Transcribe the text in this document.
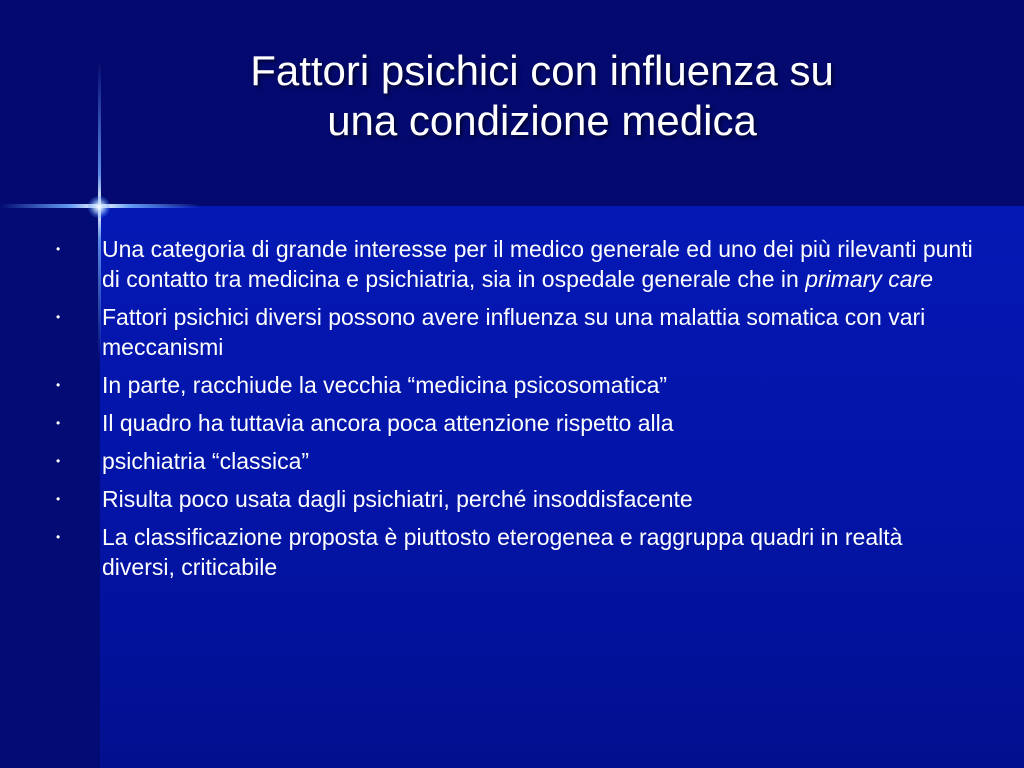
Fattori psichici con influenza su
una condizione medica
• Una categoria di grande interesse per il medico generale ed uno dei più rilevanti punti di contatto tra medicina e psichiatria, sia in ospedale generale che in primary care
• Fattori psichici diversi possono avere influenza su una malattia somatica con vari meccanismi
• In parte, racchiude la vecchia “medicina psicosomatica”
• Il quadro ha tuttavia ancora poca attenzione rispetto alla
• psichiatria “classica”
• Risulta poco usata dagli psichiatri, perché insoddisfacente
• La classificazione proposta è piuttosto eterogenea e raggruppa quadri in realtà diversi, criticabile
